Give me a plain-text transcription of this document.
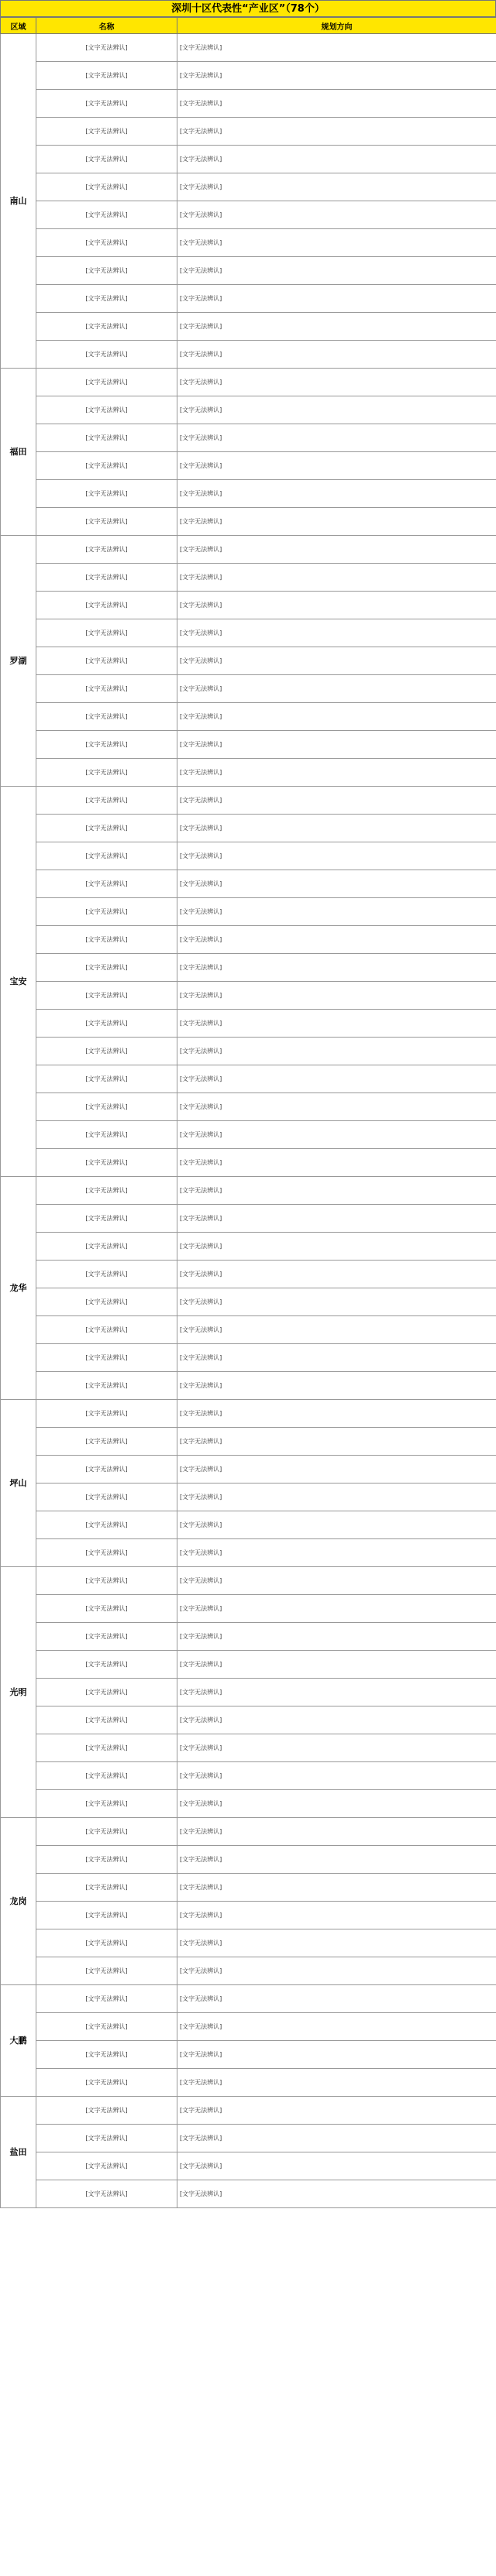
深圳十区代表性“产业区”（78个）
区域	名称	规划方向
南山	[文字无法辨认]	[文字无法辨认]
	[文字无法辨认]	[文字无法辨认]
	[文字无法辨认]	[文字无法辨认]
	[文字无法辨认]	[文字无法辨认]
	[文字无法辨认]	[文字无法辨认]
	[文字无法辨认]	[文字无法辨认]
	[文字无法辨认]	[文字无法辨认]
	[文字无法辨认]	[文字无法辨认]
	[文字无法辨认]	[文字无法辨认]
	[文字无法辨认]	[文字无法辨认]
	[文字无法辨认]	[文字无法辨认]
	[文字无法辨认]	[文字无法辨认]
福田	[文字无法辨认]	[文字无法辨认]
	[文字无法辨认]	[文字无法辨认]
	[文字无法辨认]	[文字无法辨认]
	[文字无法辨认]	[文字无法辨认]
	[文字无法辨认]	[文字无法辨认]
	[文字无法辨认]	[文字无法辨认]
罗湖	[文字无法辨认]	[文字无法辨认]
	[文字无法辨认]	[文字无法辨认]
	[文字无法辨认]	[文字无法辨认]
	[文字无法辨认]	[文字无法辨认]
	[文字无法辨认]	[文字无法辨认]
	[文字无法辨认]	[文字无法辨认]
	[文字无法辨认]	[文字无法辨认]
	[文字无法辨认]	[文字无法辨认]
	[文字无法辨认]	[文字无法辨认]
宝安	[文字无法辨认]	[文字无法辨认]
	[文字无法辨认]	[文字无法辨认]
	[文字无法辨认]	[文字无法辨认]
	[文字无法辨认]	[文字无法辨认]
	[文字无法辨认]	[文字无法辨认]
	[文字无法辨认]	[文字无法辨认]
	[文字无法辨认]	[文字无法辨认]
	[文字无法辨认]	[文字无法辨认]
	[文字无法辨认]	[文字无法辨认]
	[文字无法辨认]	[文字无法辨认]
	[文字无法辨认]	[文字无法辨认]
	[文字无法辨认]	[文字无法辨认]
	[文字无法辨认]	[文字无法辨认]
	[文字无法辨认]	[文字无法辨认]
龙华	[文字无法辨认]	[文字无法辨认]
	[文字无法辨认]	[文字无法辨认]
	[文字无法辨认]	[文字无法辨认]
	[文字无法辨认]	[文字无法辨认]
	[文字无法辨认]	[文字无法辨认]
	[文字无法辨认]	[文字无法辨认]
	[文字无法辨认]	[文字无法辨认]
	[文字无法辨认]	[文字无法辨认]
坪山	[文字无法辨认]	[文字无法辨认]
	[文字无法辨认]	[文字无法辨认]
	[文字无法辨认]	[文字无法辨认]
	[文字无法辨认]	[文字无法辨认]
	[文字无法辨认]	[文字无法辨认]
	[文字无法辨认]	[文字无法辨认]
光明	[文字无法辨认]	[文字无法辨认]
	[文字无法辨认]	[文字无法辨认]
	[文字无法辨认]	[文字无法辨认]
	[文字无法辨认]	[文字无法辨认]
	[文字无法辨认]	[文字无法辨认]
	[文字无法辨认]	[文字无法辨认]
	[文字无法辨认]	[文字无法辨认]
	[文字无法辨认]	[文字无法辨认]
	[文字无法辨认]	[文字无法辨认]
龙岗	[文字无法辨认]	[文字无法辨认]
	[文字无法辨认]	[文字无法辨认]
	[文字无法辨认]	[文字无法辨认]
	[文字无法辨认]	[文字无法辨认]
	[文字无法辨认]	[文字无法辨认]
	[文字无法辨认]	[文字无法辨认]
大鹏	[文字无法辨认]	[文字无法辨认]
	[文字无法辨认]	[文字无法辨认]
	[文字无法辨认]	[文字无法辨认]
	[文字无法辨认]	[文字无法辨认]
盐田	[文字无法辨认]	[文字无法辨认]
	[文字无法辨认]	[文字无法辨认]
	[文字无法辨认]	[文字无法辨认]
	[文字无法辨认]	[文字无法辨认]
